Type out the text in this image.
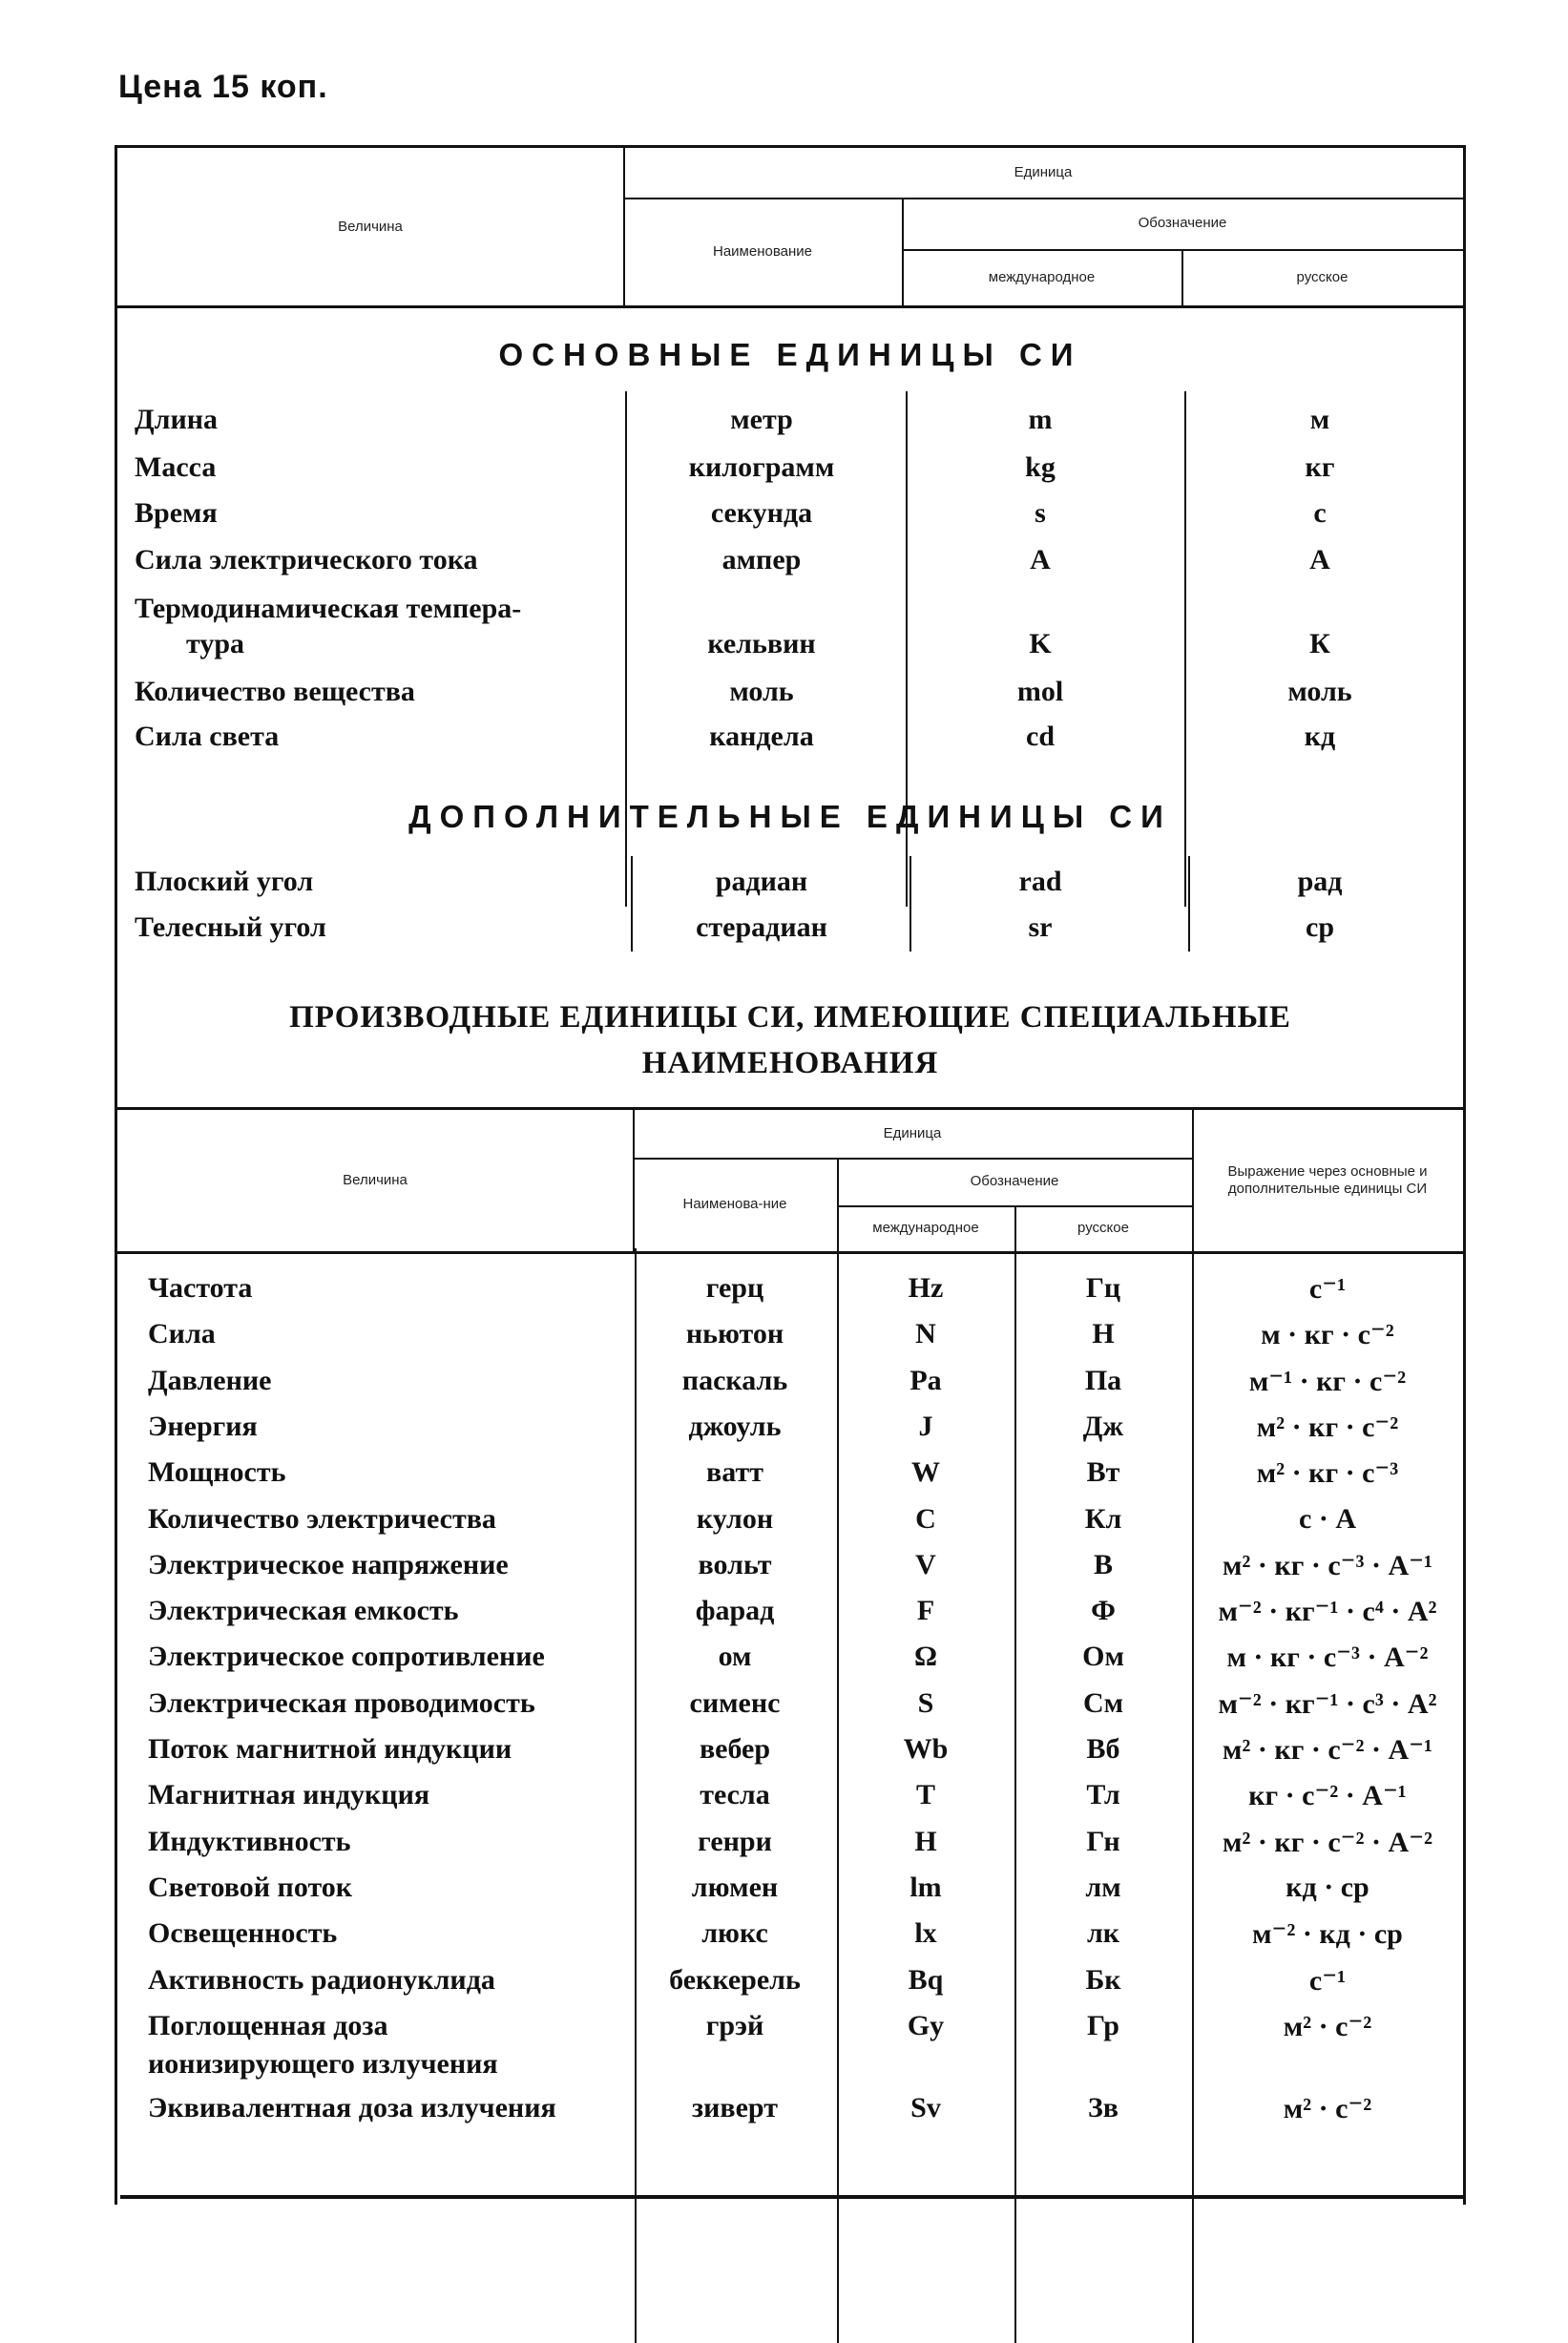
Цена 15 коп.
Величина
Единица
Наименование
Обозначение
международное	русское
ОСНОВНЫЕ ЕДИНИЦЫ СИ
Длина	метр	m	м
Масса	килограмм	kg	кг
Время	секунда	s	с
Сила электрического тока	ампер	A	А
Термодинамическая темпера-
тура	кельвин	K	К
Количество вещества	моль	mol	моль
Сила света	кандела	cd	кд
ДОПОЛНИТЕЛЬНЫЕ ЕДИНИЦЫ СИ
Плоский угол	радиан	rad	рад
Телесный угол	стерадиан	sr	ср
ПРОИЗВОДНЫЕ ЕДИНИЦЫ СИ, ИМЕЮЩИЕ СПЕЦИАЛЬНЫЕ
НАИМЕНОВАНИЯ
Величина
Единица
Наименова-ние
Обозначение
международное	русское
Выражение через основные и дополнительные единицы СИ
Частота	герц	Hz	Гц	с⁻¹
Сила	ньютон	N	Н	м · кг · с⁻²
Давление	паскаль	Pa	Па	м⁻¹ · кг · с⁻²
Энергия	джоуль	J	Дж	м² · кг · с⁻²
Мощность	ватт	W	Вт	м² · кг · с⁻³
Количество электричества	кулон	C	Кл	с · А
Электрическое напряжение	вольт	V	В	м² · кг · с⁻³ · А⁻¹
Электрическая емкость	фарад	F	Ф	м⁻² · кг⁻¹ · с⁴ · А²
Электрическое сопротивление	ом	Ω	Ом	м · кг · с⁻³ · А⁻²
Электрическая проводимость	сименс	S	См	м⁻² · кг⁻¹ · с³ · А²
Поток магнитной индукции	вебер	Wb	Вб	м² · кг · с⁻² · А⁻¹
Магнитная индукция	тесла	T	Тл	кг · с⁻² · А⁻¹
Индуктивность	генри	H	Гн	м² · кг · с⁻² · А⁻²
Световой поток	люмен	lm	лм	кд · ср
Освещенность	люкс	lx	лк	м⁻² · кд · ср
Активность радионуклида	беккерель	Bq	Бк	с⁻¹
Поглощенная доза	грэй	Gy	Гр	м² · с⁻²
ионизирующего излучения
Эквивалентная доза излучения	зиверт	Sv	Зв	м² · с⁻²
